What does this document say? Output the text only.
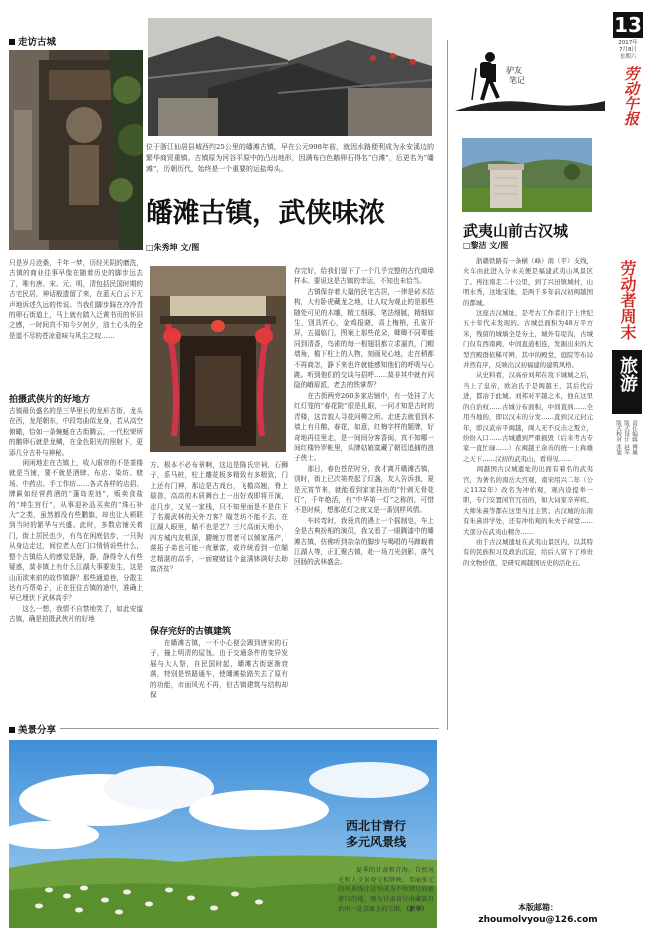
13
2017年
7月8日
星期六
劳动午报
走访古城
位于浙江仙居县城西约25公里的皤滩古镇，早在公元998年前，就因水路便利成为永安溪边的繁华商贸重镇。古镇原为河谷平原中的凸出地形，因满布白色鹅卵石得名“白滩”，后更名为“皤滩”，历朝历代，始终是一个重要的运盐埠头。
皤滩古镇，武侠味浓
□朱秀坤 文/图
只是岁月沧桑，千年一梦，历经光阴的磨洗，古镇的商业往事早像在随着历史的脚步远去了，唯有唐、宋、元、明，清包括民国时期的古宅民居，神话般遗留了来，在蓝天白云下无声地诉述久远的传说。当我们脚步踩在冷冷青的卵石街道上，马上就有踏入泛黄书页的怀旧之感，一时间真不知今夕何夕，油土心头的全是道不尽的苍凉意味与风尘之叹……
拍摄武侠片的好地方
古镇最负盛名的是三华里长的龙形古街，龙头在西，龙尾朝东，中段弯曲似龙身，若从高空俯瞰，恰如一条蜿蜒在古街腾云，一代松荣所的鹅卵石就是龙鳞，在金色阳光的照射下，更添几分古朴与神秘。
　　闲闲地走在古镇上，收入眼帘的不是茶楼就是当铺，要不就是酒肆、布店、染坊、赌场、中药店、手工作坊……各式各样的店招、牌匾如经营药酒的“蓬岛差池”，贩卖食盐的“坤生宫行”，从事迎补品买卖的“珠石补大”之类，虽然都没有些鹏旗，却也让人顿联到当时的繁华与兴盛。此时，多数店铺关着门，街上居民也少，有鸟在闲庭信步，一只狗从身边走过，间位老人在门口悄悄说些什么，整个古镇给人的感觉是静，静，静得令人有些疑惑，莫非镇上有什么江湖大事要发生，这是山而欲来前的故作镇静？那些通道巷，分散主达有巧帮弟子，正在狂往古镇的途中，准确上早已埋伏下武林高手？
　　这么一想，我情不自禁地笑了，如此安谧古镇，确是拍摄武侠片的好地
方。根本不必布景啊，这边是陈氏宗祠，石狮子，系马桩，柱上雕花板多精致有多精致，门上还有门神，那边是古戏台，飞檐高翘，脊上瑞兽，高高的木质舞台上一出好戏即将开演，走几步，又见一家栈，只不知里面是不是住下了名震武林的天外刀客？瞄芝坊不能不去，在江湖人眼里，瞄不也是艺？三尺高面天地小，四方城内友机深，腰缠万贯者可以倾家荡产，落拓子弟也可能一夜暴富，或许统看到一位瞄艺精湛的高手，一面窥赌徒个盆满钵满好去助富济贫？
保存完好的古镇建筑
　　在皤滩古镇，一不小心便会踢到唐宋的石子，撞上明清的屋瓴。由于交通条件的变异发展与大人祭，自民国时起，皤滩古街逐渐衰落，特别是铁路通车，使皤滩盐路失去了原有的功能，市面风光不再，但古镇建筑与结构却保
存完好，给我们留下了一个几乎完整的古代商埠样本。要说这是古镇的幸运，不知也未恰当。
　　古镇保存着大量的民宅古居，一律是砖木结构，大有卧虎藏龙之地，让人叹为观止的是那些随处可见的木雕，精工细琢，笔法细腻，精细如生，别具匠心，金鸡报晓，喜上梅梢，孔雀开屏，五福临门，图案上那些花朵，卿卿不同辈能同到清香，鸟雀的每一根翅羽都立求逼真，门帽墙角，檐下柱上的人物，刻画见心地，走在稍都不再商怎，静下来也许就能感知他们的呼吸与心跳。听到他们的交谈与招呼……莫非其中就有问隐的峨眉派，老去的铁掌帮？
　　在古街两旁260多家店铺中，有一处挂了大红灯笼的“春花院”很是扎眼，一问才知是古时的青楼，这音貌人寻花问柳之所。走进去就看到木墙上有月鹅，春花，如意，红梅字样的题牌，好奇地再往里走，是一间间分客香闺，真不知哪一间红楼铃罗帐里，头牌姑娘寞藏了朝廷追捕的浪子侠士。
　　那日，春色苍茫时分，我才离开皤滩古镇，别时，街上已次第亮起了灯盏，友人告诉我，夏是元宵节来，就能看到家家挂出的“针刺无骨花灯”，千年绝活，有“中华第一灯”之称的，可惜不是时候，想那花灯之夜又是一番别样风情。
　　车转弯时，我竟真的遇上一个摇制皂，车上全是古典扮相的演员，我又看了一眼腾漆中的皤滩古镇，仿佛听到杂杂的脚步与喝唱的马蹄载着江湖人等，正汇聚古镇，赴一场刀光剑影，落气回肠的武林盛会。
驴友
笔记
武夷山前古汉城
□黎洁 文/图
　　浙赣铁路有一条横（峰）南（平）支线，火车由此进入分水关便是福建武夷山风景区了。再往南走二十公里，到了兴田镇城村，山明水秀，这地宝地，是两千多年前汉初闽越国的都城。
　　这座古汉城址，是考古工作者们于上世纪五十年代末发现的。古城总面积为48万平方米，残留的城墙全是夯土，城外有堤沟，古城门仅有西南阙，中间直道相连，发掘出来的大型宫殿群依稀可辨，其中的殿堂，庭院等布局井然有序，反映出汉初福建的建筑风格。
　　从史料看，汉高帝刘邦在攻下城城之后，当上了皇帝，欧冶氏于是闽越王，其后代后进，都冶于此城。刘邦对平越之术，他在这里的自治权……古城分布面积，中间直到……全用当地的，即以汉末的分发……直到汉元封元年，即汉武帝平闽越，闽人无不反击之叛立，纷纷入口……古城遭到严重损毁（后来考古专家一直忙碌……）在闽越王余善的统一上称雄之天下……汉初的武夷山，看得见……
　　闽越国古汉城遗址的出面有着名的武夷宫，为著名的南岳大宫观，南宋绍兴二年（公元1132年）改名为冲佑观，观内设提举一职，专门安置闲官冗员的，如大词家辛弃疾、大师朱熹等都在这里当过主管；古汉城的东南有朱熹讲学处，还有冲佑观的朱夫子祠堂……大部分在武夷山精舍……
　　由于古汉城遗址在武夷山景区内，以其特有的民族积习及政治沉淀，给后人留下了珍贵的文物价值，是研究闽越国历史的活化石。
劳动者周末
旅游
责任编辑 傅雁
版式设计 赵军
版式校对 张旭
美景分享
西北甘青行
多元风景线

　　夏季的甘肃和青海，自然风光和人文景观交相辉映，美丽多元的风景线让这里成为不容错过的旅游目的地。图为甘肃省甘南藏族自治州一处草原上的羊群。（新华）	本版邮箱：
zhoumolvyou@126.com
